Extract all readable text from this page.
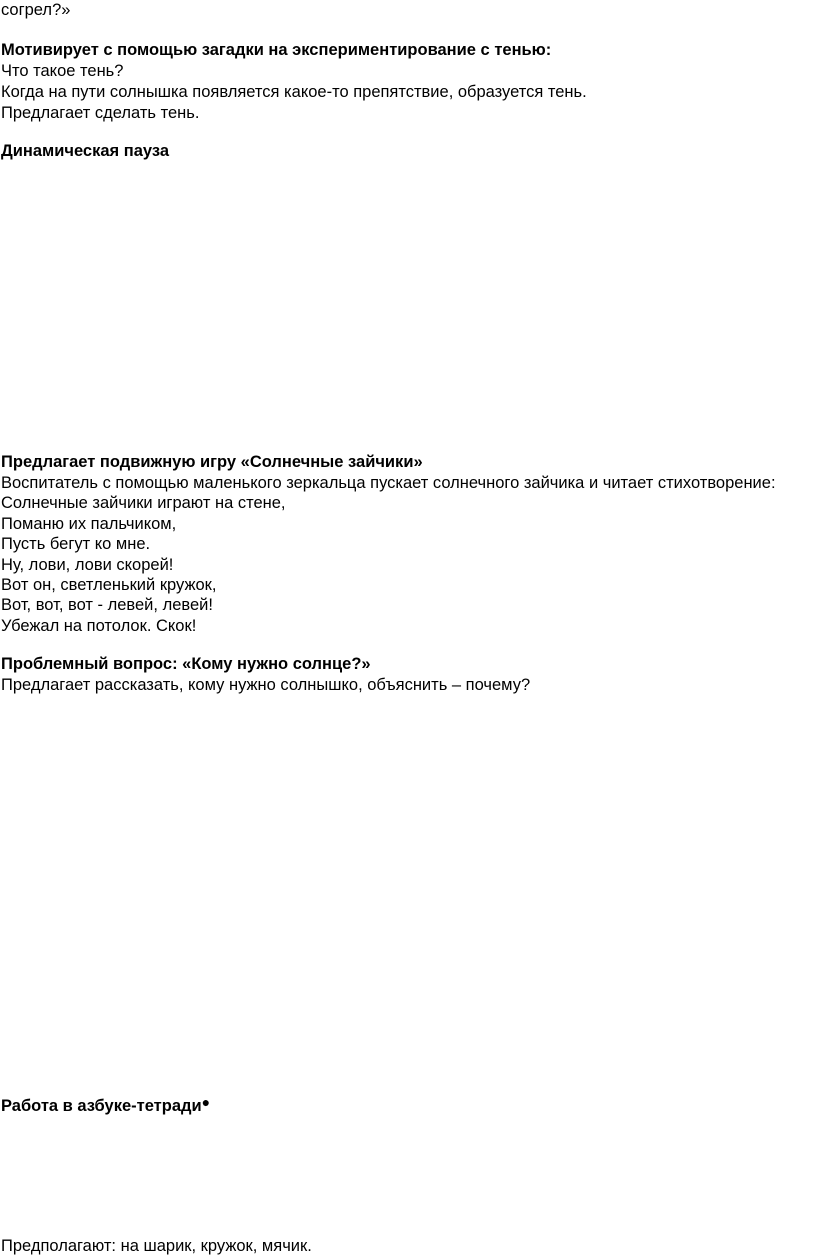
согрел?»
Мотивирует с помощью загадки на экспериментирование с тенью:
Что такое тень?
Когда на пути солнышка появляется какое-то препятствие, образуется тень.
Предлагает сделать тень.
Динамическая пауза
Предлагает подвижную игру «Солнечные зайчики»
Воспитатель с помощью маленького зеркальца пускает солнечного зайчика и читает стихотворение:
Солнечные зайчики играют на стене,
Поманю их пальчиком,
Пусть бегут ко мне.
Ну, лови, лови скорей!
Вот он, светленький кружок,
Вот, вот, вот - левей, левей!
Убежал на потолок. Скок!
Проблемный вопрос: «Кому нужно солнце?»
Предлагает рассказать, кому нужно солнышко, объяснить – почему?
Работа в азбуке-тетради●
Предполагают: на шарик, кружок, мячик.
